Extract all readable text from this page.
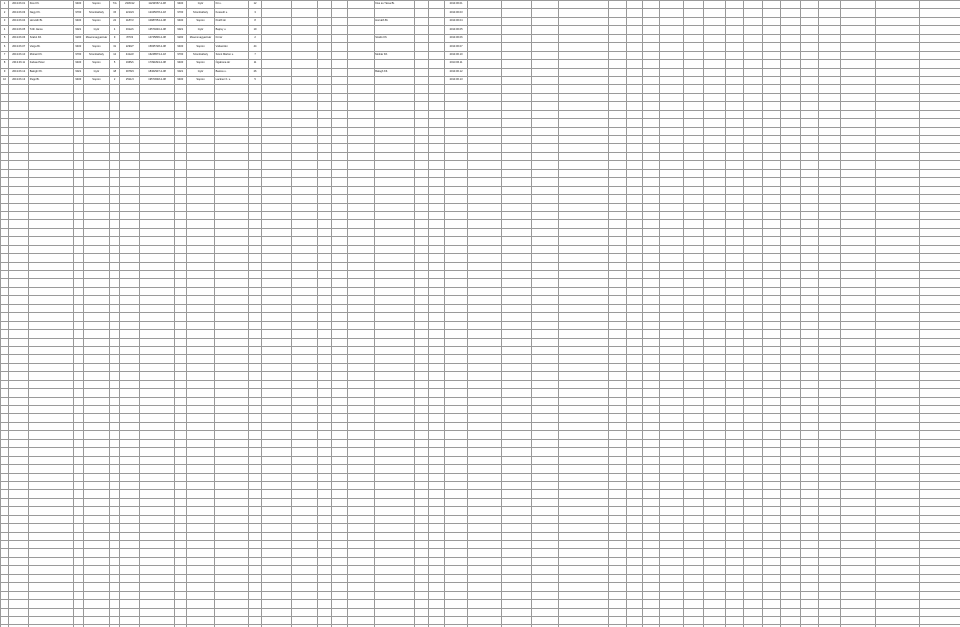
1	2013.06.01	Kiss Kft.	9400	Sopron	7/A	2345/12	11234567-2-08	9400	Győr	Fő u.	12						Kiss és Társa Bt.			2013.06.01																			
2	2013.06.03	Nagy Kft.	9700	Szombathely	15	2210/4	12345678-2-18	9700	Szombathely	Kossuth u.	3									2013.06.03																			
3	2013.06.04	Horváth Bt.	9400	Sopron	22	1187/2	10987654-2-08	9400	Sopron	Petőfi tér	8						Horváth Bt.			2013.06.04																			
4	2013.06.05	Tóth János	9021	Győr	4	3312/1	13579246-2-08	9021	Győr	Bajcsy u.	19									2013.06.05																			
5	2013.06.06	Szabó Kft.	9200	Mosonmagyaróvár	9	876/3	14725836-2-08	9200	Mosonmagyaróvár	Fő tér	2						Szabó Kft.			2013.06.06																			
6	2013.06.07	Varga Bt.	9400	Sopron	31	2290/7	15935728-2-08	9400	Sopron	Várkerület	44									2013.06.07																			
7	2013.06.10	Molnár Kft.	9700	Szombathely	12	4412/2	16248573-2-18	9700	Szombathely	Szent Márton u.	7						Molnár Kft.			2013.06.10																			
8	2013.06.11	Farkas Péter	9400	Sopron	5	1965/1	17391824-2-08	9400	Sopron	Ógabona tér	11									2013.06.11																			
9	2013.06.12	Balogh Kft.	9021	Győr	18	3078/4	18462937-2-08	9021	Győr	Baross u.	26						Balogh Kft.			2013.06.12																			
10	2013.06.13	Papp Bt.	9400	Sopron	2	2511/3	19573648-2-08	9400	Sopron	Lackner K. u.	5									2013.06.13																			
